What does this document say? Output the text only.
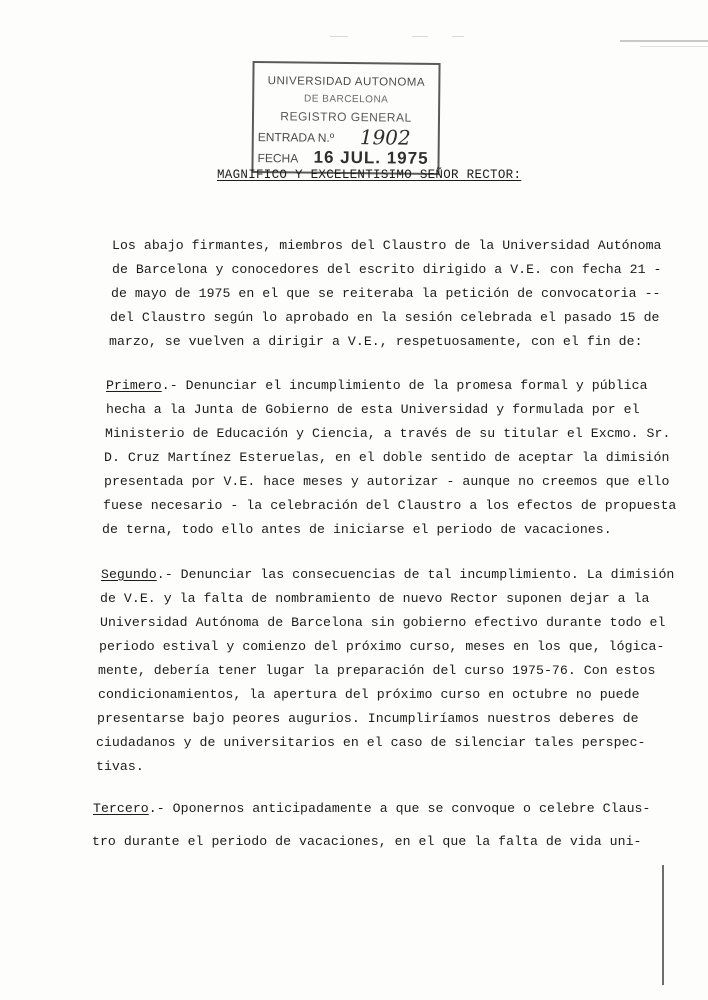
UNIVERSIDAD AUTONOMA
DE BARCELONA
REGISTRO GENERAL
ENTRADA N.º 1902
FECHA 16 JUL. 1975
MAGNIFICO Y EXCELENTISIMO SEÑOR RECTOR:
Los abajo firmantes, miembros del Claustro de la Universidad Autónoma
de Barcelona y conocedores del escrito dirigido a V.E. con fecha 21 -
de mayo de 1975 en el que se reiteraba la petición de convocatoria --
del Claustro según lo aprobado en la sesión celebrada el pasado 15 de
marzo, se vuelven a dirigir a V.E., respetuosamente, con el fin de:
Primero.- Denunciar el incumplimiento de la promesa formal y pública
hecha a la Junta de Gobierno de esta Universidad y formulada por el
Ministerio de Educación y Ciencia, a través de su titular el Excmo. Sr.
D. Cruz Martínez Esteruelas, en el doble sentido de aceptar la dimisión
presentada por V.E. hace meses y autorizar - aunque no creemos que ello
fuese necesario - la celebración del Claustro a los efectos de propuesta
de terna, todo ello antes de iniciarse el periodo de vacaciones.
Segundo.- Denunciar las consecuencias de tal incumplimiento. La dimisión
de V.E. y la falta de nombramiento de nuevo Rector suponen dejar a la
Universidad Autónoma de Barcelona sin gobierno efectivo durante todo el
periodo estival y comienzo del próximo curso, meses en los que, lógica-
mente, debería tener lugar la preparación del curso 1975-76. Con estos
condicionamientos, la apertura del próximo curso en octubre no puede
presentarse bajo peores augurios. Incumpliríamos nuestros deberes de
ciudadanos y de universitarios en el caso de silenciar tales perspec-
tivas.
Tercero.- Oponernos anticipadamente a que se convoque o celebre Claus-
tro durante el periodo de vacaciones, en el que la falta de vida uni-
